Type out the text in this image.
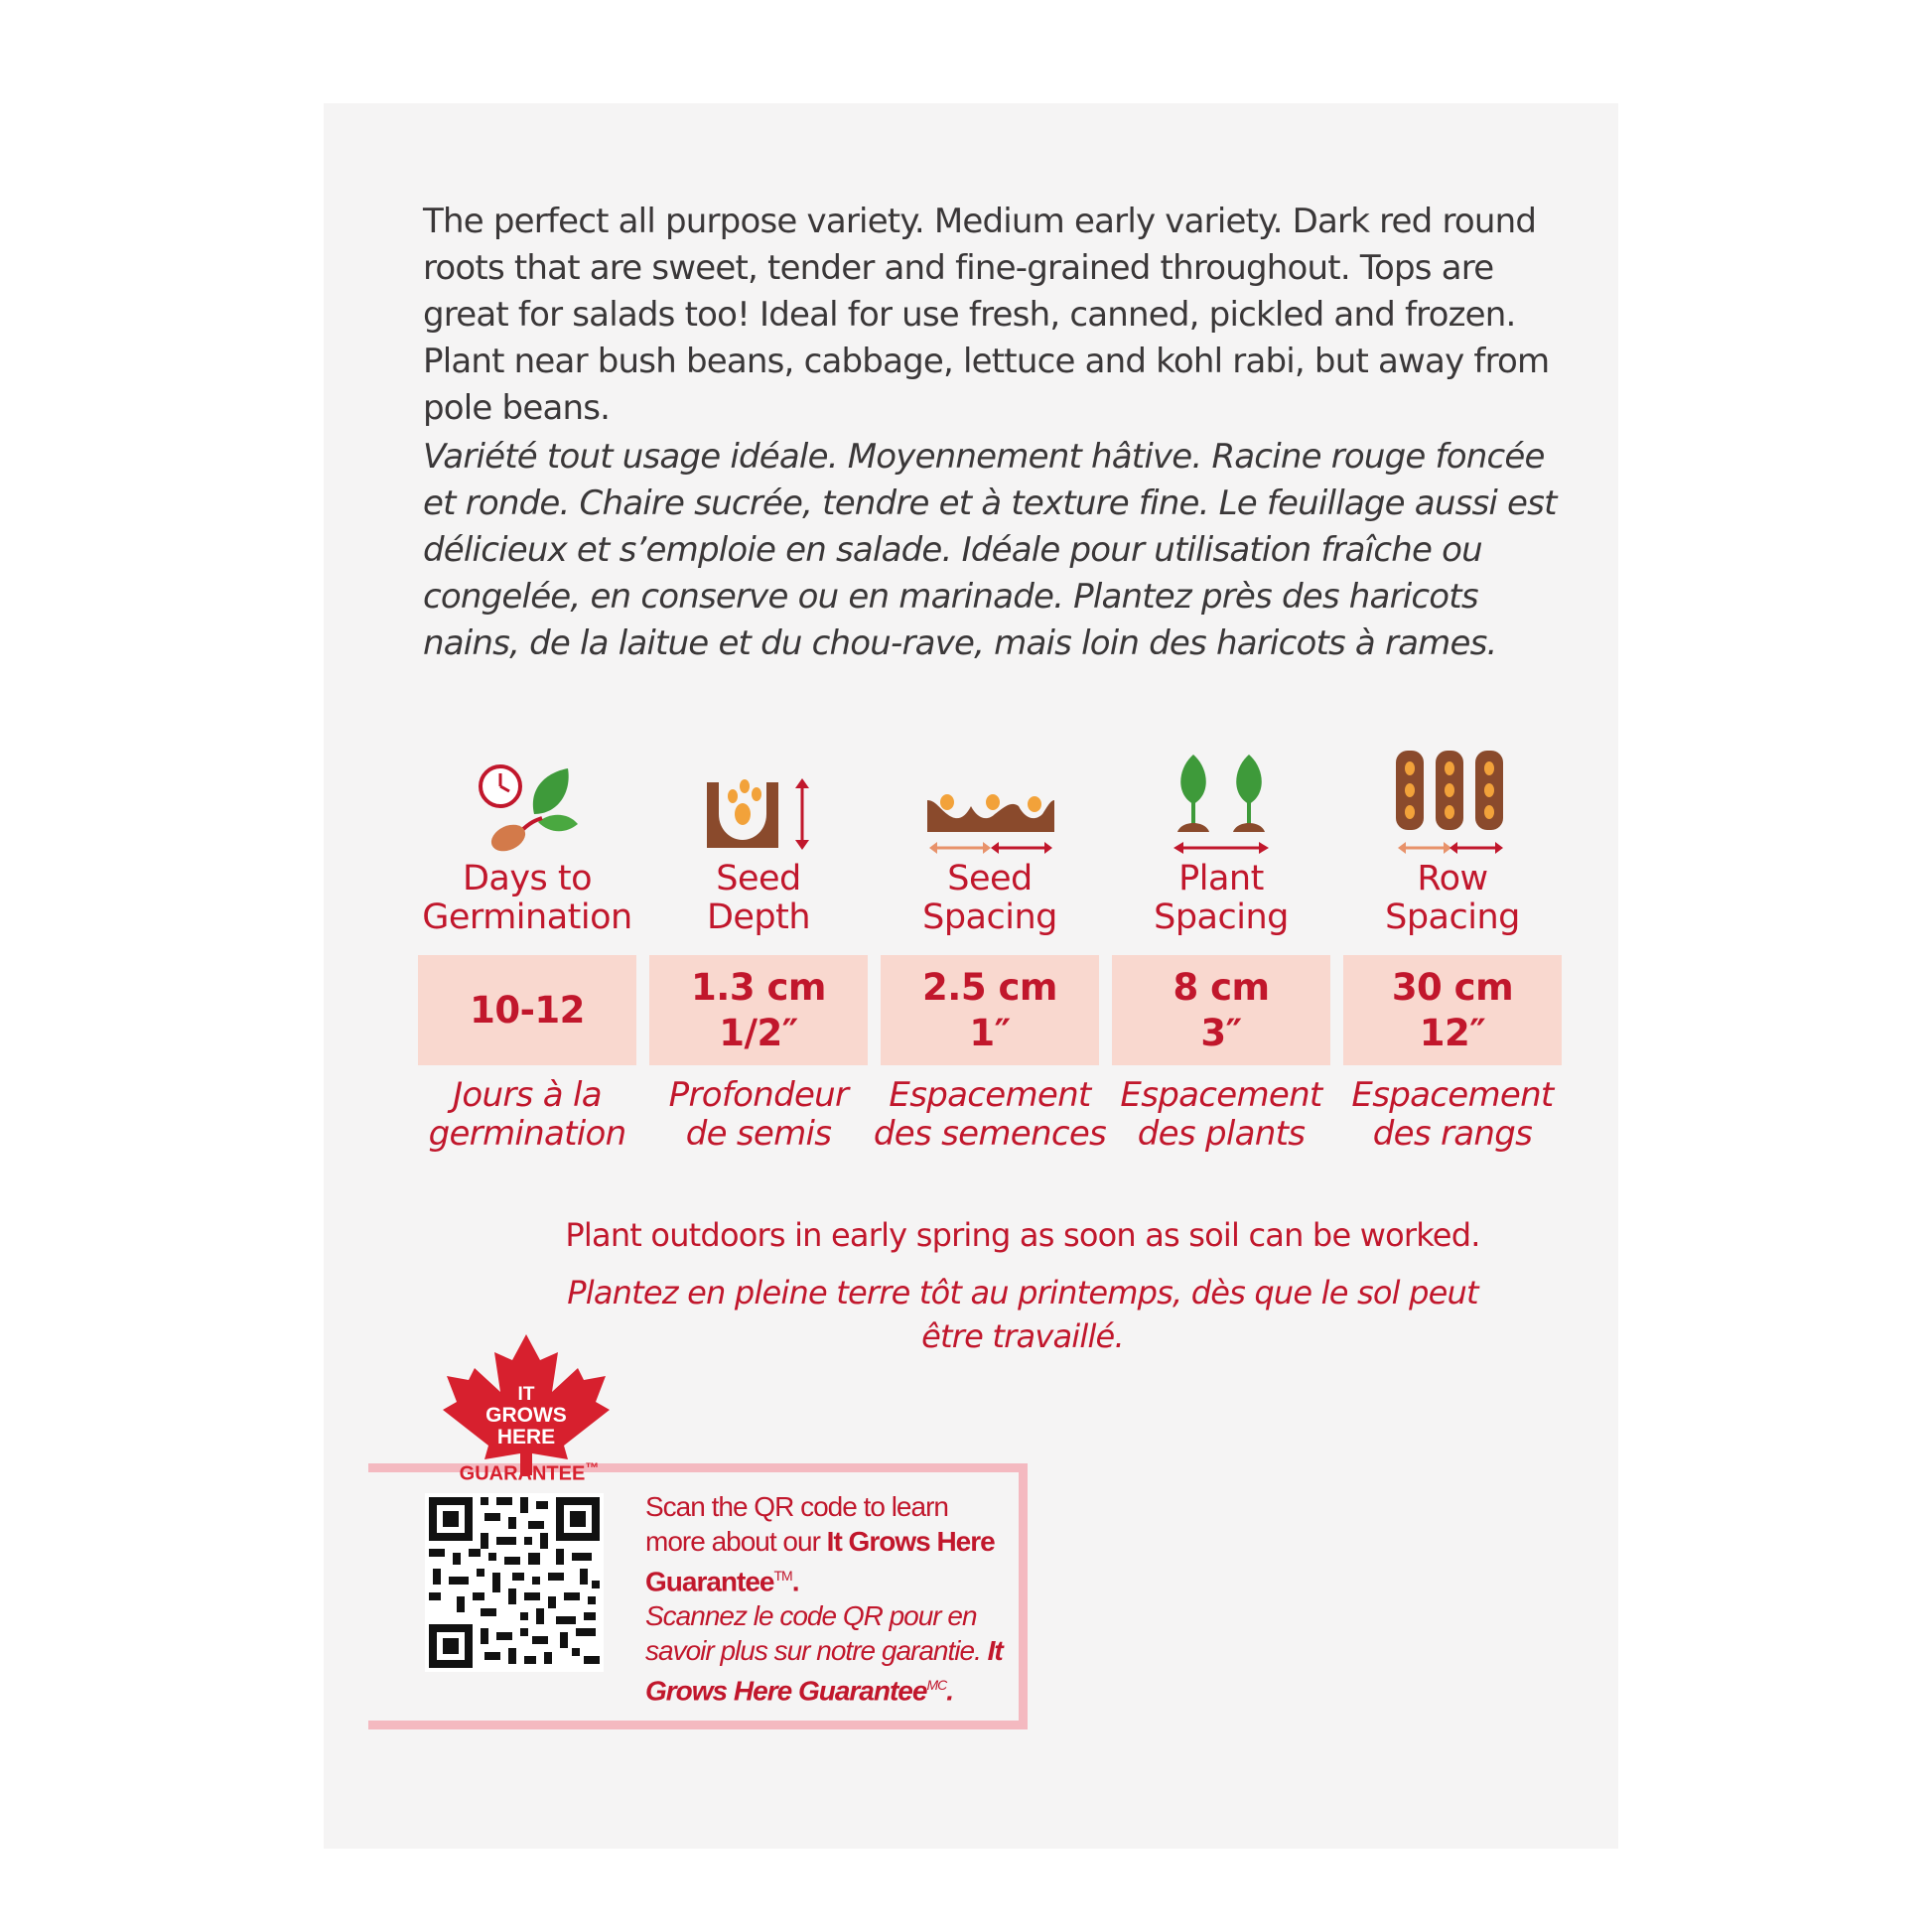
The perfect all purpose variety. Medium early variety. Dark red round roots that are sweet, tender and fine-grained throughout. Tops are great for salads too! Ideal for use fresh, canned, pickled and frozen. Plant near bush beans, cabbage, lettuce and kohl rabi, but away from pole beans.

Variété tout usage idéale. Moyennement hâtive. Racine rouge foncée et ronde. Chaire sucrée, tendre et à texture fine. Le feuillage aussi est délicieux et s’emploie en salade. Idéale pour utilisation fraîche ou congelée, en conserve ou en marinade. Plantez près des haricots nains, de la laitue et du chou-rave, mais loin des haricots à rames.

Days to
Germination
10-12
Jours à la
germination
Seed
Depth
1.3 cm
1/2″
Profondeur
de semis
Seed
Spacing
2.5 cm
1″
Espacement
des semences
Plant
Spacing
8 cm
3″
Espacement
des plants
Row
Spacing
30 cm
12″
Espacement
des rangs

Plant outdoors in early spring as soon as soil can be worked.

Plantez en pleine terre tôt au printemps, dès que le sol peut être travaillé.

IT
GROWS
HERE
GUARANTEE™

Scan the QR code to learn more about our It Grows Here Guarantee™.

Scannez le code QR pour en savoir plus sur notre garantie. It Grows Here Guarantee$^{MC}$.
